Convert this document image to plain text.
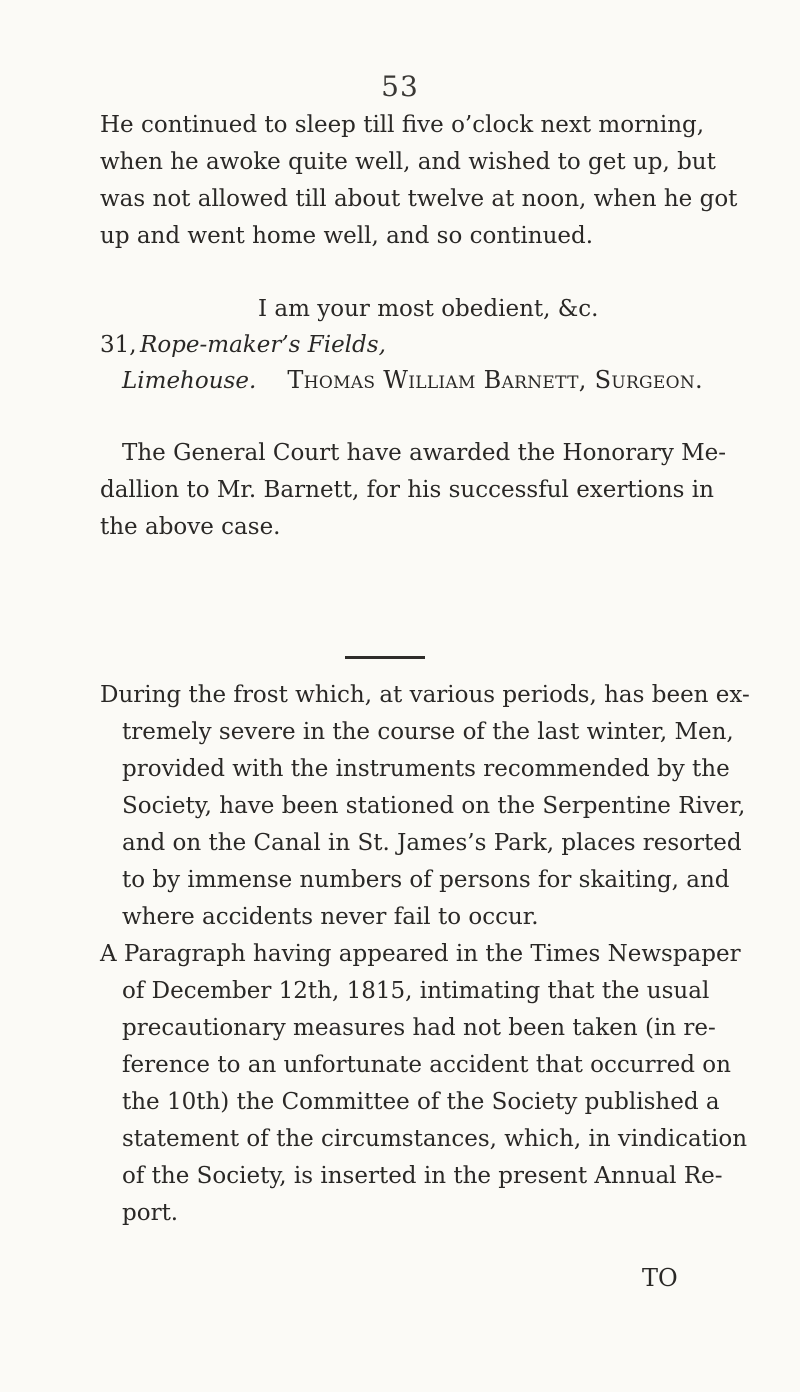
53
He continued to sleep till five o’clock next morning,
when he awoke quite well, and wished to get up, but
was not allowed till about twelve at noon, when he got
up and went home well, and so continued.
I am your most obedient, &c.
Thomas William Barnett, Surgeon.
31, Rope-maker’s Fields,
Limehouse.
The General Court have awarded the Honorary Me-
dallion to Mr. Barnett, for his successful exertions in
the above case.
During the frost which, at various periods, has been ex-
tremely severe in the course of the last winter, Men,
provided with the instruments recommended by the
Society, have been stationed on the Serpentine River,
and on the Canal in St. James’s Park, places resorted
to by immense numbers of persons for skaiting, and
where accidents never fail to occur.
A Paragraph having appeared in the Times Newspaper
of December 12th, 1815, intimating that the usual
precautionary measures had not been taken (in re-
ference to an unfortunate accident that occurred on
the 10th) the Committee of the Society published a
statement of the circumstances, which, in vindication
of the Society, is inserted in the present Annual Re-
port.
TO
